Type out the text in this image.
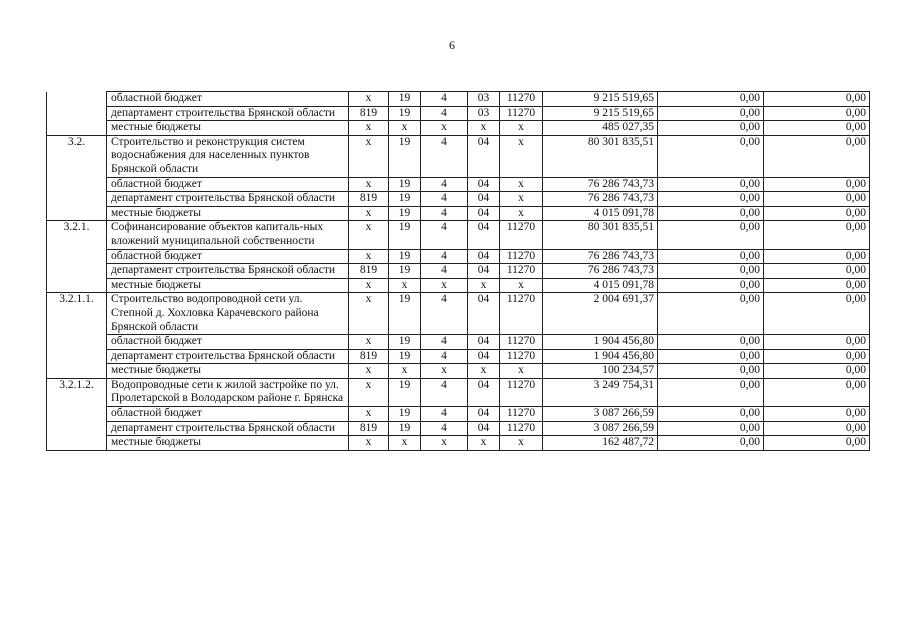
6
	областной бюджет	x	19	4	03	11270	9 215 519,65	0,00	0,00
	департамент строительства Брянской области	819	19	4	03	11270	9 215 519,65	0,00	0,00
	местные бюджеты	x	x	x	x	x	485 027,35	0,00	0,00
3.2.	Строительство и реконструкция систем водоснабжения для населенных пунктов Брянской области	x	19	4	04	x	80 301 835,51	0,00	0,00
	областной бюджет	x	19	4	04	x	76 286 743,73	0,00	0,00
	департамент строительства Брянской области	819	19	4	04	x	76 286 743,73	0,00	0,00
	местные бюджеты	x	19	4	04	x	4 015 091,78	0,00	0,00
3.2.1.	Софинансирование объектов капиталь-ных вложений муниципальной собственности	x	19	4	04	11270	80 301 835,51	0,00	0,00
	областной бюджет	x	19	4	04	11270	76 286 743,73	0,00	0,00
	департамент строительства Брянской области	819	19	4	04	11270	76 286 743,73	0,00	0,00
	местные бюджеты	x	x	x	x	x	4 015 091,78	0,00	0,00
3.2.1.1.	Строительство водопроводной сети ул. Степной д. Хохловка Карачевского района Брянской области	x	19	4	04	11270	2 004 691,37	0,00	0,00
	областной бюджет	x	19	4	04	11270	1 904 456,80	0,00	0,00
	департамент строительства Брянской области	819	19	4	04	11270	1 904 456,80	0,00	0,00
	местные бюджеты	x	x	x	x	x	100 234,57	0,00	0,00
3.2.1.2.	Водопроводные сети к жилой застройке по ул. Пролетарской в Володарском районе г. Брянска	x	19	4	04	11270	3 249 754,31	0,00	0,00
	областной бюджет	x	19	4	04	11270	3 087 266,59	0,00	0,00
	департамент строительства Брянской области	819	19	4	04	11270	3 087 266,59	0,00	0,00
	местные бюджеты	x	x	x	x	x	162 487,72	0,00	0,00
